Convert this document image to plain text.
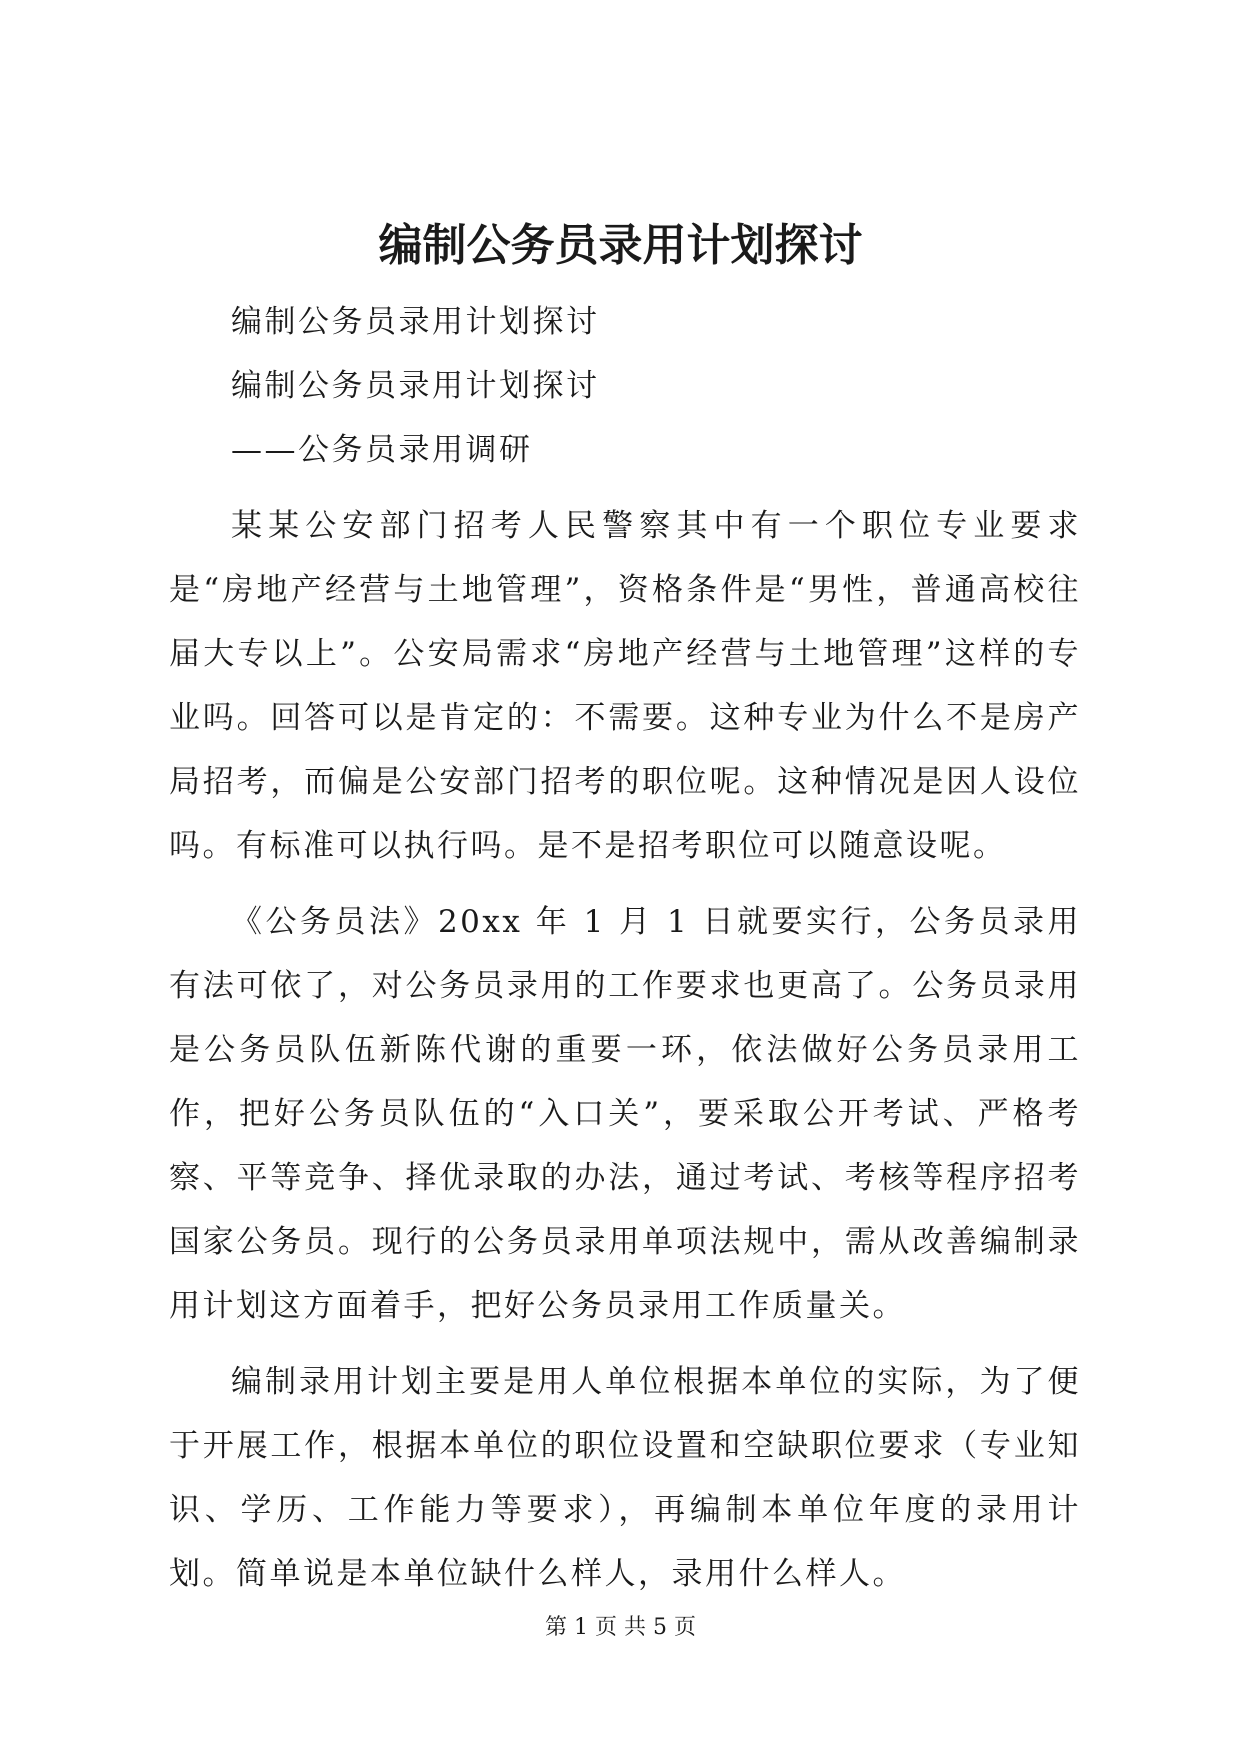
编制公务员录用计划探讨

编制公务员录用计划探讨

编制公务员录用计划探讨

——公务员录用调研

某某公安部门招考人民警察其中有一个职位专业要求是“房地产经营与土地管理”，资格条件是“男性，普通高校往届大专以上”。公安局需求“房地产经营与土地管理”这样的专业吗。回答可以是肯定的：不需要。这种专业为什么不是房产局招考，而偏是公安部门招考的职位呢。这种情况是因人设位吗。有标准可以执行吗。是不是招考职位可以随意设呢。

《公务员法》20xx 年 1 月 1 日就要实行，公务员录用有法可依了，对公务员录用的工作要求也更高了。公务员录用是公务员队伍新陈代谢的重要一环，依法做好公务员录用工作，把好公务员队伍的“入口关”，要采取公开考试、严格考察、平等竞争、择优录取的办法，通过考试、考核等程序招考国家公务员。现行的公务员录用单项法规中，需从改善编制录用计划这方面着手，把好公务员录用工作质量关。

编制录用计划主要是用人单位根据本单位的实际，为了便于开展工作，根据本单位的职位设置和空缺职位要求（专业知识、学历、工作能力等要求），再编制本单位年度的录用计划。简单说是本单位缺什么样人，录用什么样人。

第 1 页 共 5 页
